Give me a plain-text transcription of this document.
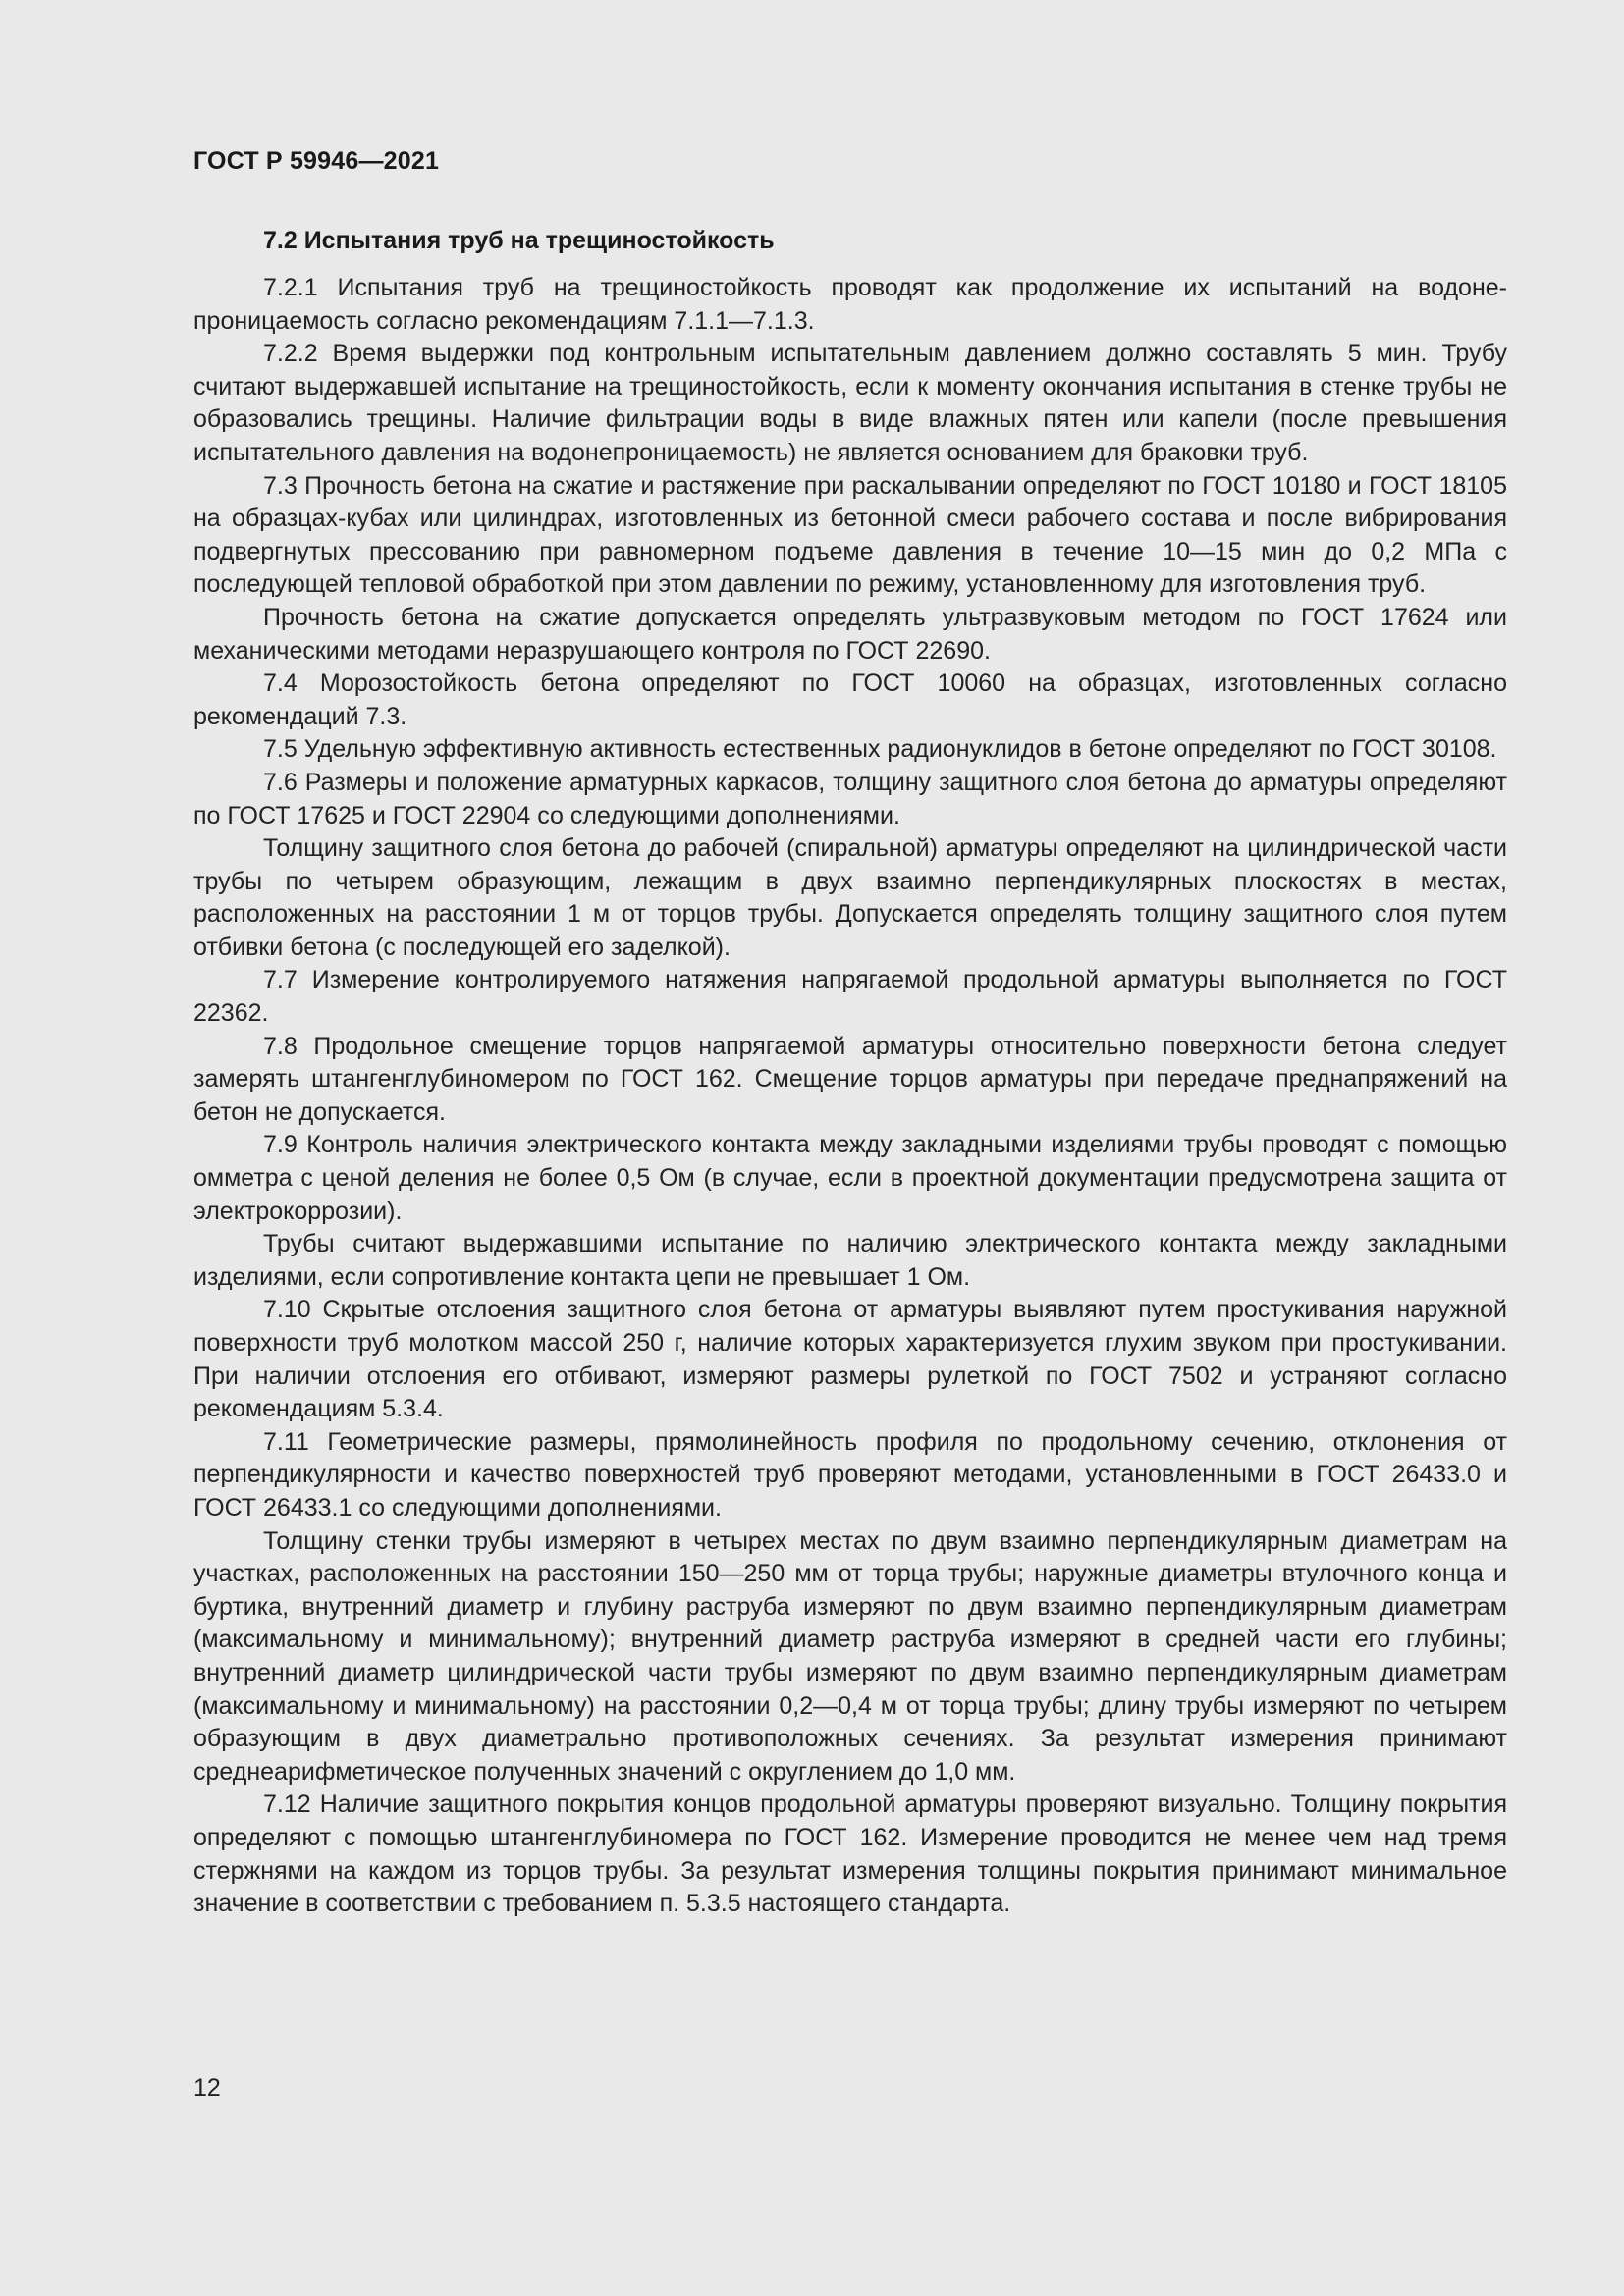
ГОСТ Р 59946—2021
7.2 Испытания труб на трещиностойкость

7.2.1 Испытания труб на трещиностойкость проводят как продолжение их испытаний на водонепроницаемость согласно рекомендациям 7.1.1—7.1.3.

7.2.2 Время выдержки под контрольным испытательным давлением должно составлять 5 мин. Трубу считают выдержавшей испытание на трещиностойкость, если к моменту окончания испытания в стенке трубы не образовались трещины. Наличие фильтрации воды в виде влажных пятен или капели (после превышения испытательного давления на водонепроницаемость) не является основанием для браковки труб.

7.3 Прочность бетона на сжатие и растяжение при раскалывании определяют по ГОСТ 10180 и ГОСТ 18105 на образцах-кубах или цилиндрах, изготовленных из бетонной смеси рабочего состава и после вибрирования подвергнутых прессованию при равномерном подъеме давления в течение 10—15 мин до 0,2 МПа с последующей тепловой обработкой при этом давлении по режиму, установленному для изготовления труб.

Прочность бетона на сжатие допускается определять ультразвуковым методом по ГОСТ 17624 или механическими методами неразрушающего контроля по ГОСТ 22690.

7.4 Морозостойкость бетона определяют по ГОСТ 10060 на образцах, изготовленных согласно рекомендаций 7.3.

7.5 Удельную эффективную активность естественных радионуклидов в бетоне определяют по ГОСТ 30108.

7.6 Размеры и положение арматурных каркасов, толщину защитного слоя бетона до арматуры определяют по ГОСТ 17625 и ГОСТ 22904 со следующими дополнениями.

Толщину защитного слоя бетона до рабочей (спиральной) арматуры определяют на цилиндрической части трубы по четырем образующим, лежащим в двух взаимно перпендикулярных плоскостях в местах, расположенных на расстоянии 1 м от торцов трубы. Допускается определять толщину защитного слоя путем отбивки бетона (с последующей его заделкой).

7.7 Измерение контролируемого натяжения напрягаемой продольной арматуры выполняется по ГОСТ 22362.

7.8 Продольное смещение торцов напрягаемой арматуры относительно поверхности бетона следует замерять штангенглубиномером по ГОСТ 162. Смещение торцов арматуры при передаче преднапряжений на бетон не допускается.

7.9 Контроль наличия электрического контакта между закладными изделиями трубы проводят с помощью омметра с ценой деления не более 0,5 Ом (в случае, если в проектной документации предусмотрена защита от электрокоррозии).

Трубы считают выдержавшими испытание по наличию электрического контакта между закладными изделиями, если сопротивление контакта цепи не превышает 1 Ом.

7.10 Скрытые отслоения защитного слоя бетона от арматуры выявляют путем простукивания наружной поверхности труб молотком массой 250 г, наличие которых характеризуется глухим звуком при простукивании. При наличии отслоения его отбивают, измеряют размеры рулеткой по ГОСТ 7502 и устраняют согласно рекомендациям 5.3.4.

7.11 Геометрические размеры, прямолинейность профиля по продольному сечению, отклонения от перпендикулярности и качество поверхностей труб проверяют методами, установленными в ГОСТ 26433.0 и ГОСТ 26433.1 со следующими дополнениями.

Толщину стенки трубы измеряют в четырех местах по двум взаимно перпендикулярным диаметрам на участках, расположенных на расстоянии 150—250 мм от торца трубы; наружные диаметры втулочного конца и буртика, внутренний диаметр и глубину раструба измеряют по двум взаимно перпендикулярным диаметрам (максимальному и минимальному); внутренний диаметр раструба измеряют в средней части его глубины; внутренний диаметр цилиндрической части трубы измеряют по двум взаимно перпендикулярным диаметрам (максимальному и минимальному) на расстоянии 0,2—0,4 м от торца трубы; длину трубы измеряют по четырем образующим в двух диаметрально противоположных сечениях. За результат измерения принимают среднеарифметическое полученных значений с округлением до 1,0 мм.

7.12 Наличие защитного покрытия концов продольной арматуры проверяют визуально. Толщину покрытия определяют с помощью штангенглубиномера по ГОСТ 162. Измерение проводится не менее чем над тремя стержнями на каждом из торцов трубы. За результат измерения толщины покрытия принимают минимальное значение в соответствии с требованием п. 5.3.5 настоящего стандарта.

12
